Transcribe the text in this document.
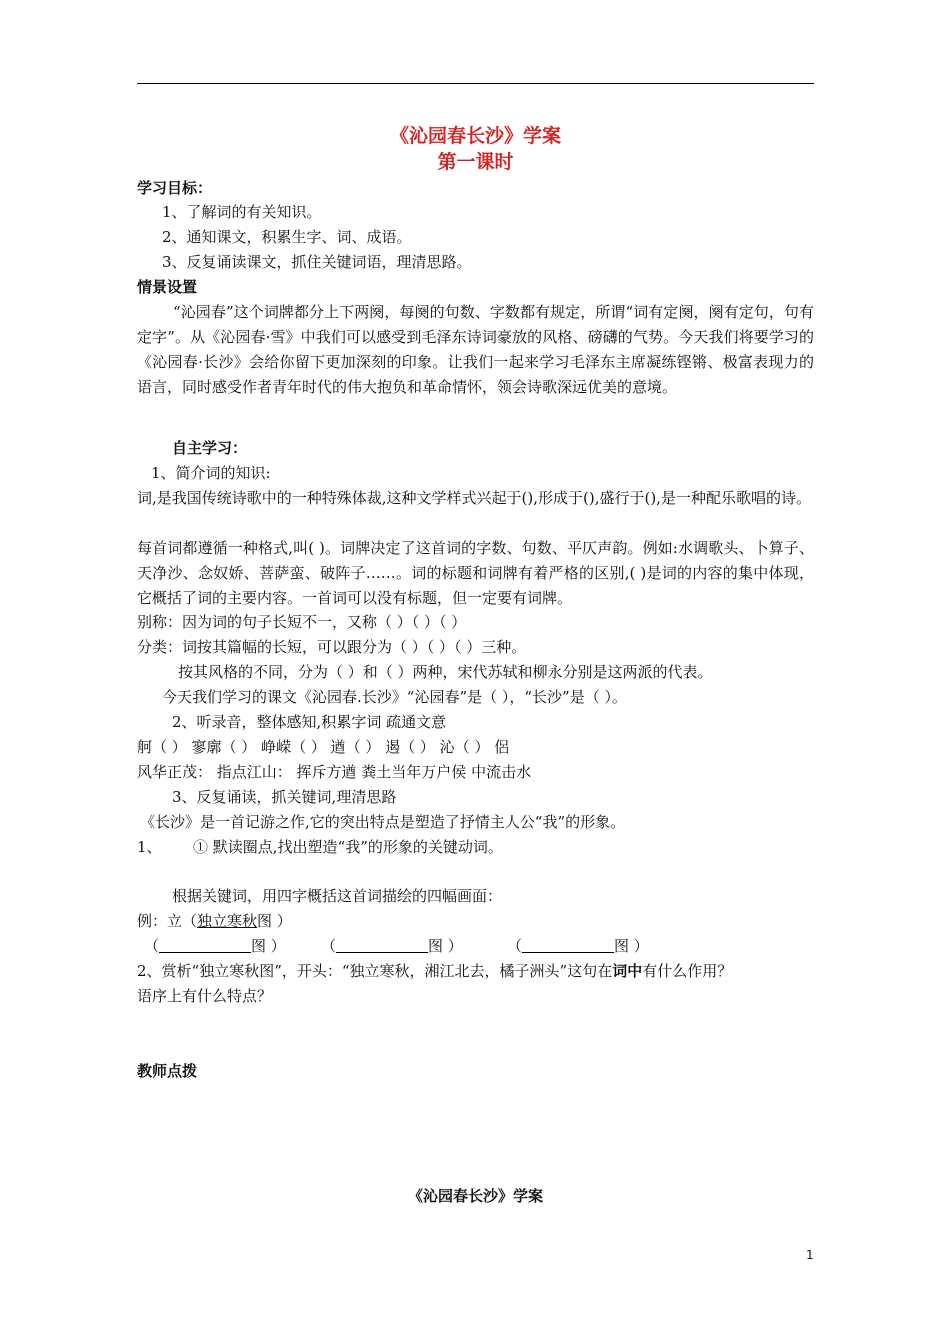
《沁园春长沙》学案
第一课时
学习目标：
1、了解词的有关知识。
2、通知课文，积累生字、词、成语。
3、反复诵读课文，抓住关键词语，理清思路。
情景设置
“沁园春”这个词牌都分上下两阕，每阕的句数、字数都有规定，所谓“词有定阕，阕有定句，句有定字”。从《沁园春·雪》中我们可以感受到毛泽东诗词豪放的风格、磅礴的气势。今天我们将要学习的《沁园春·长沙》会给你留下更加深刻的印象。让我们一起来学习毛泽东主席凝练铿锵、极富表现力的语言，同时感受作者青年时代的伟大抱负和革命情怀，领会诗歌深远优美的意境。
自主学习：
1、简介词的知识:
词,是我国传统诗歌中的一种特殊体裁,这种文学样式兴起于(),形成于(),盛行于(),是一种配乐歌唱的诗。
每首词都遵循一种格式,叫( )。词牌决定了这首词的字数、句数、平仄声韵。例如:水调歌头、卜算子、天净沙、念奴娇、菩萨蛮、破阵子……。词的标题和词牌有着严格的区别,( )是词的内容的集中体现，它概括了词的主要内容。一首词可以没有标题，但一定要有词牌。
别称：因为词的句子长短不一，又称（ ）（ ）（ ）
分类：词按其篇幅的长短，可以跟分为（ ）（ ）（ ）三种。
按其风格的不同，分为（ ）和（ ）两种，宋代苏轼和柳永分别是这两派的代表。
今天我们学习的课文《沁园春.长沙》“沁园春”是（ ），“长沙”是（ ）。
2、听录音，整体感知,积累字词 疏通文意
舸（ ） 寥廓（ ） 峥嵘（ ） 遒（ ） 遏（ ） 沁（ ） 侶
风华正茂： 指点江山： 挥斥方遒 粪土当年万户侯 中流击水
3、反复诵读，抓关键词,理清思路
《长沙》是一首记游之作,它的突出特点是塑造了抒情主人公“我”的形象。
1、 ① 默读圈点,找出塑造“我”的形象的关键动词。
根据关键词，用四字概括这首词描绘的四幅画面：
例：立（独立寒秋图 ）
（	图 ） （	图 ）	（	图 ）
2、赏析“独立寒秋图”，开头：“独立寒秋，湘江北去，橘子洲头”这句在词中有什么作用？
语序上有什么特点？
教师点拨
《沁园春长沙》学案
1
